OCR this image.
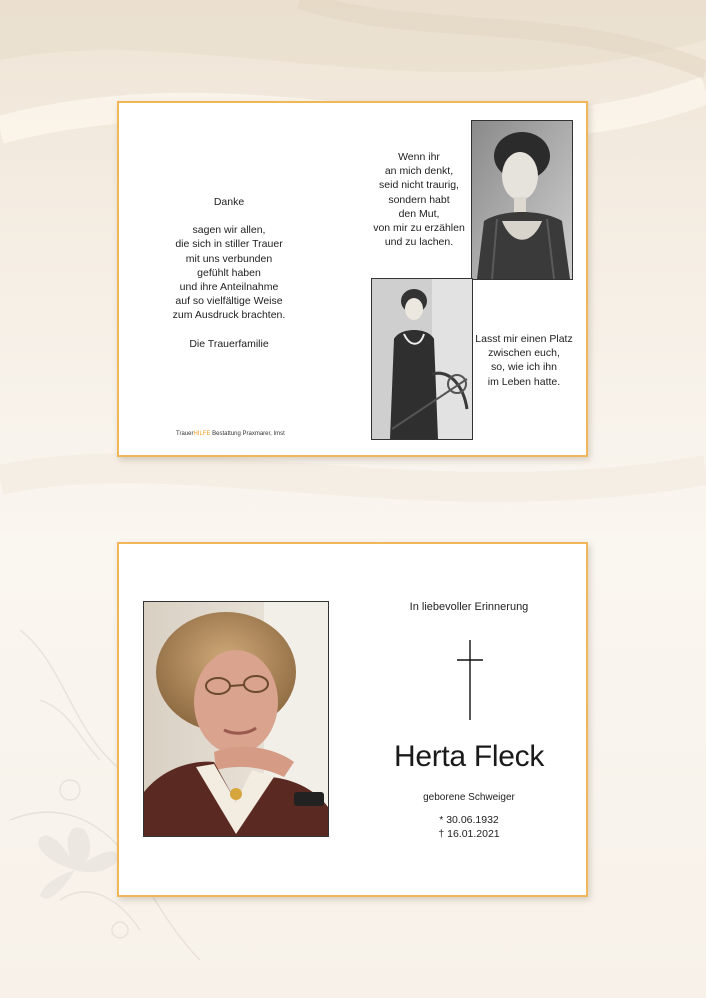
Danke
sagen wir allen,
die sich in stiller Trauer
mit uns verbunden
gefühlt haben
und ihre Anteilnahme
auf so vielfältige Weise
zum Ausdruck brachten.
Die Trauerfamilie
Wenn ihr
an mich denkt,
seid nicht traurig,
sondern habt
den Mut,
von mir zu erzählen
und zu lachen.
Lasst mir einen Platz
zwischen euch,
so, wie ich ihn
im Leben hatte.
TrauerHILFE Bestattung Praxmarer, Imst
In liebevoller Erinnerung
Herta Fleck
geborene Schweiger
* 30.06.1932
† 16.01.2021
